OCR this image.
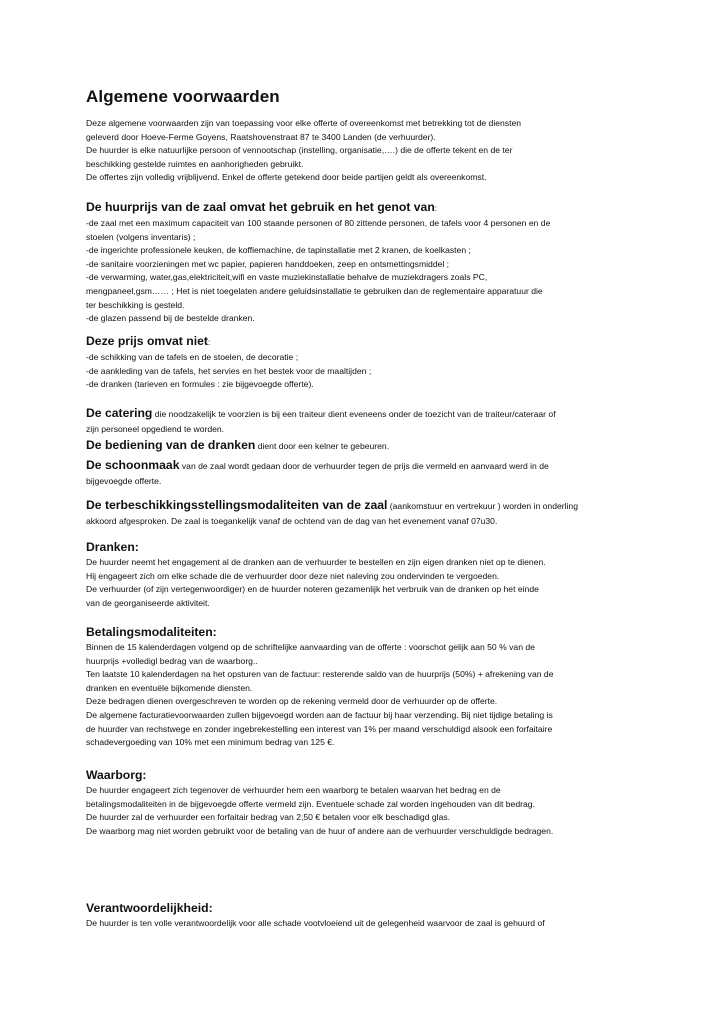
Algemene voorwaarden
Deze algemene voorwaarden zijn van toepassing voor elke offerte of overeenkomst met betrekking tot de diensten
geleverd door Hoeve-Ferme Goyens, Raatshovenstraat 87 te 3400 Landen (de verhuurder).
De huurder is elke natuurlijke persoon of vennootschap (instelling, organisatie,….) die de offerte tekent en de ter
beschikking gestelde ruimtes en aanhorigheden gebruikt.
De offertes zijn volledig vrijblijvend. Enkel de offerte getekend door beide partijen geldt als overeenkomst.
De huurprijs van de zaal omvat het gebruik en het genot van:
-de zaal met een maximum capaciteit van 100 staande personen of 80 zittende personen, de tafels voor 4 personen en de
stoelen (volgens inventaris) ;
-de ingerichte professionele keuken, de koffiemachine, de tapinstallatie met 2 kranen, de koelkasten ;
-de sanitaire voorzieningen met wc papier, papieren handdoeken, zeep en ontsmettingsmiddel ;
-de verwarming, water,gas,elektriciteit,wifi en vaste muziekinstallatie behalve de muziekdragers zoals PC,
mengpaneel,gsm…… ; Het is niet toegelaten andere geluidsinstallatie te gebruiken dan de reglementaire apparatuur die
ter beschikking is gesteld.
-de glazen passend bij de bestelde dranken.
Deze prijs omvat niet:
-de schikking van de tafels en de stoelen, de decoratie ;
-de aankleding van de tafels, het servies en het bestek voor de maaltijden ;
-de dranken (tarieven en formules : zie bijgevoegde offerte).
De catering die noodzakelijk te voorzien is bij een traiteur dient eveneens onder de toezicht van de traiteur/cateraar of
zijn personeel opgediend te worden.
De bediening van de dranken dient door een kelner te gebeuren.
De schoonmaak van de zaal wordt gedaan door de verhuurder tegen de prijs die vermeld en aanvaard werd in de
bijgevoegde offerte.
De terbeschikkingsstellingsmodaliteiten van de zaal (aankomstuur en vertrekuur ) worden in onderling
akkoord afgesproken. De zaal is toegankelijk vanaf de ochtend van de dag van het evenement vanaf 07u30.
Dranken:
De huurder neemt het engagement al de dranken aan de verhuurder te bestellen en zijn eigen dranken niet op te dienen.
Hij engageert zich om elke schade die de verhuurder door deze niet naleving zou ondervinden te vergoeden.
De verhuurder (of zijn vertegenwoordiger) en de huurder noteren gezamenlijk het verbruik van de dranken op het einde
van de georganiseerde aktiviteit.
Betalingsmodaliteiten:
Binnen de 15 kalenderdagen volgend op de schriftelijke aanvaarding van de offerte : voorschot gelijk aan 50 % van de
huurprijs +volledigl bedrag van de waarborg..
Ten laatste 10 kalenderdagen na het opsturen van de factuur: resterende saldo van de huurprijs (50%) + afrekening van de
dranken en eventuële bijkomende diensten.
Deze bedragen dienen overgeschreven te worden op de rekening vermeld door de verhuurder op de offerte.
De algemene facturatievoorwaarden zullen bijgevoegd worden aan de factuur bij haar verzending. Bij niet tijdige betaling is
de huurder van rechstwege en zonder ingebrekestelling een interest van 1% per maand verschuldigd alsook een forfaitaire
schadevergoeding van 10% met een minimum bedrag van 125 €.
Waarborg:
De huurder engageert zich tegenover de verhuurder hem een waarborg te betalen waarvan het bedrag en de
betalingsmodaliteiten in de bijgevoegde offerte vermeld zijn. Eventuele schade zal worden ingehouden van dit bedrag.
De huurder zal de verhuurder een forfaitair bedrag van 2,50 € betalen voor elk beschadigd glas.
De waarborg mag niet worden gebruikt voor de betaling van de huur of andere aan de verhuurder verschuldigde bedragen.
Verantwoordelijkheid:
De huurder is ten volle verantwoordelijk voor alle schade vootvloeiend uit de gelegenheid waarvoor de zaal is gehuurd of
